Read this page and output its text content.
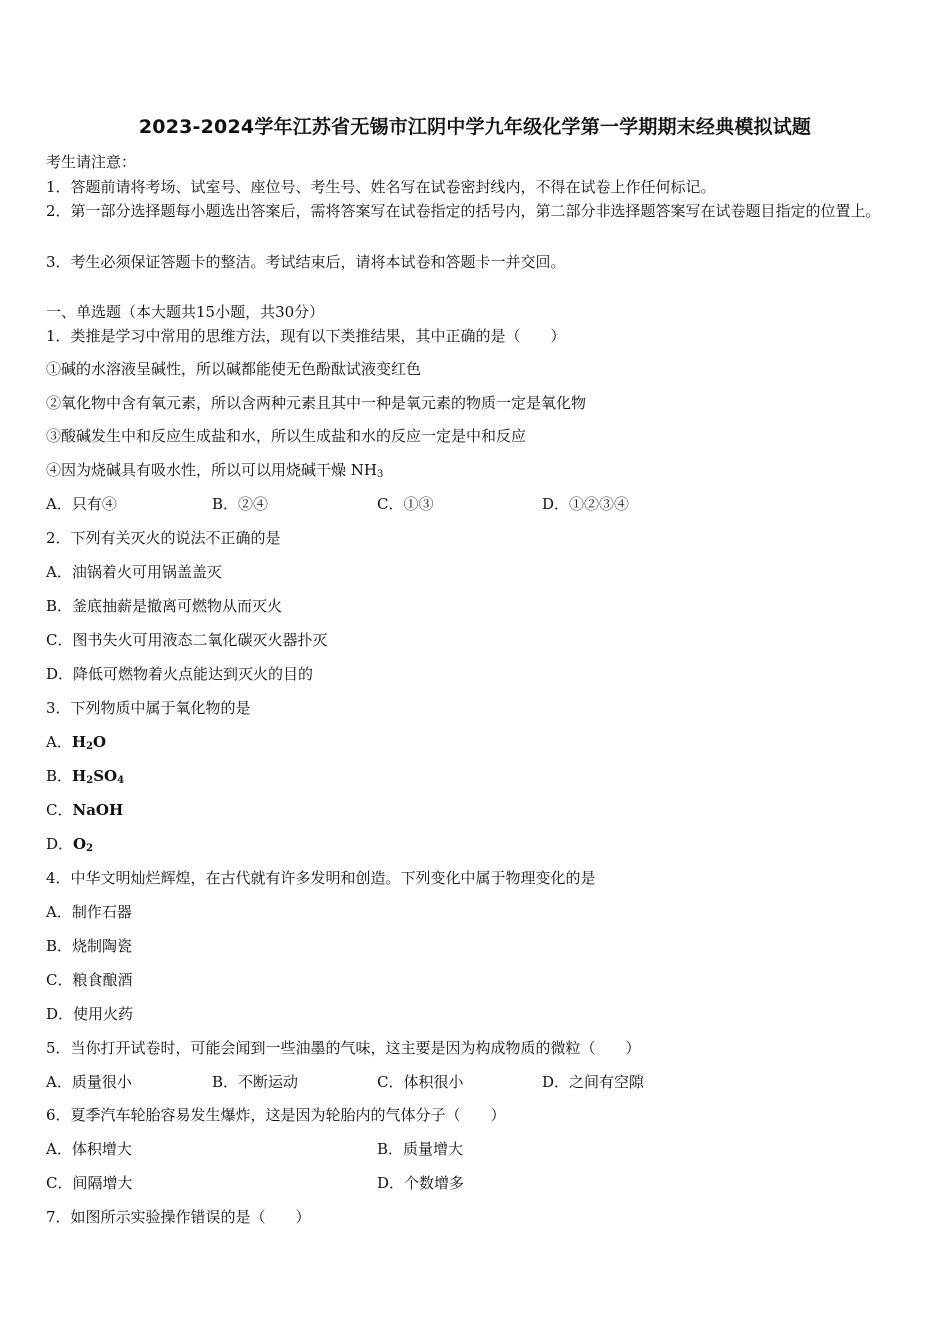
2023-2024学年江苏省无锡市江阴中学九年级化学第一学期期末经典模拟试题
考生请注意：
1．答题前请将考场、试室号、座位号、考生号、姓名写在试卷密封线内，不得在试卷上作任何标记。
2．第一部分选择题每小题选出答案后，需将答案写在试卷指定的括号内，第二部分非选择题答案写在试卷题目指定的位置上。
3．考生必须保证答题卡的整洁。考试结束后，请将本试卷和答题卡一并交回。
一、单选题（本大题共15小题，共30分）
1．类推是学习中常用的思维方法，现有以下类推结果，其中正确的是（　　）
①碱的水溶液呈碱性，所以碱都能使无色酚酞试液变红色
②氧化物中含有氧元素，所以含两种元素且其中一种是氧元素的物质一定是氧化物
③酸碱发生中和反应生成盐和水，所以生成盐和水的反应一定是中和反应
④因为烧碱具有吸水性，所以可以用烧碱干燥 $NH_3$
A．只有④	B．②④	C．①③	D．①②③④
2．下列有关灭火的说法不正确的是
A．油锅着火可用锅盖盖灭
B．釜底抽薪是撤离可燃物从而灭火
C．图书失火可用液态二氧化碳灭火器扑灭
D．降低可燃物着火点能达到灭火的目的
3．下列物质中属于氧化物的是
A．$H_2O$
B．$H_2SO_4$
C．NaOH
D．$O_2$
4．中华文明灿烂辉煌，在古代就有许多发明和创造。下列变化中属于物理变化的是
A．制作石器
B．烧制陶瓷
C．粮食酿酒
D．使用火药
5．当你打开试卷时，可能会闻到一些油墨的气味，这主要是因为构成物质的微粒（　　）
A．质量很小	B．不断运动	C．体积很小	D．之间有空隙
6．夏季汽车轮胎容易发生爆炸，这是因为轮胎内的气体分子（　　）
A．体积增大	B．质量增大
C．间隔增大	D．个数增多
7．如图所示实验操作错误的是（　　）
